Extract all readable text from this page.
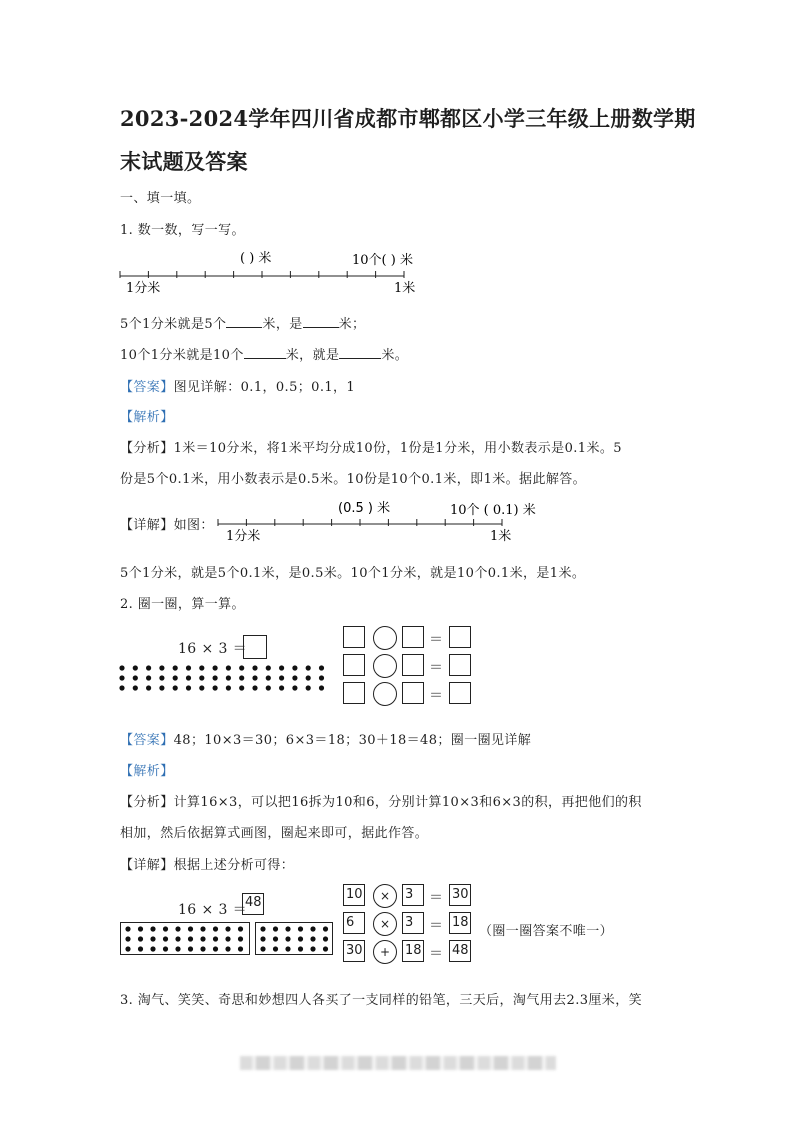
2023-2024学年四川省成都市郫都区小学三年级上册数学期
末试题及答案
一、填一填。
1. 数一数，写一写。
( ) 米	10个( ) 米
1分米	1米
5个1分米就是5个	米，是	米；
10个1分米就是10个	米，就是	米。
【答案】图见详解：0.1，0.5；0.1，1
【解析】
【分析】1米＝10分米，将1米平均分成10份，1份是1分米，用小数表示是0.1米。5
份是5个0.1米，用小数表示是0.5米。10份是10个0.1米，即1米。据此解答。
【详解】如图：
(0.5 ) 米	10个 ( 0.1) 米
1分米	1米
5个1分米，就是5个0.1米，是0.5米。10个1分米，就是10个0.1米，是1米。
2. 圈一圈，算一算。
16 × 3 ＝
＝
＝
＝
【答案】48；10×3＝30；6×3＝18；30＋18＝48；圈一圈见详解
【解析】
【分析】计算16×3，可以把16拆为10和6，分别计算10×3和6×3的积，再把他们的积
相加，然后依据算式画图，圈起来即可，据此作答。
【详解】根据上述分析可得：
16 × 3 ＝
48
10	×	3	＝ 30
6	×	3	＝ 18
30	+	18 ＝ 48
（圈一圈答案不唯一）
3. 淘气、笑笑、奇思和妙想四人各买了一支同样的铅笔，三天后，淘气用去2.3厘米，笑
